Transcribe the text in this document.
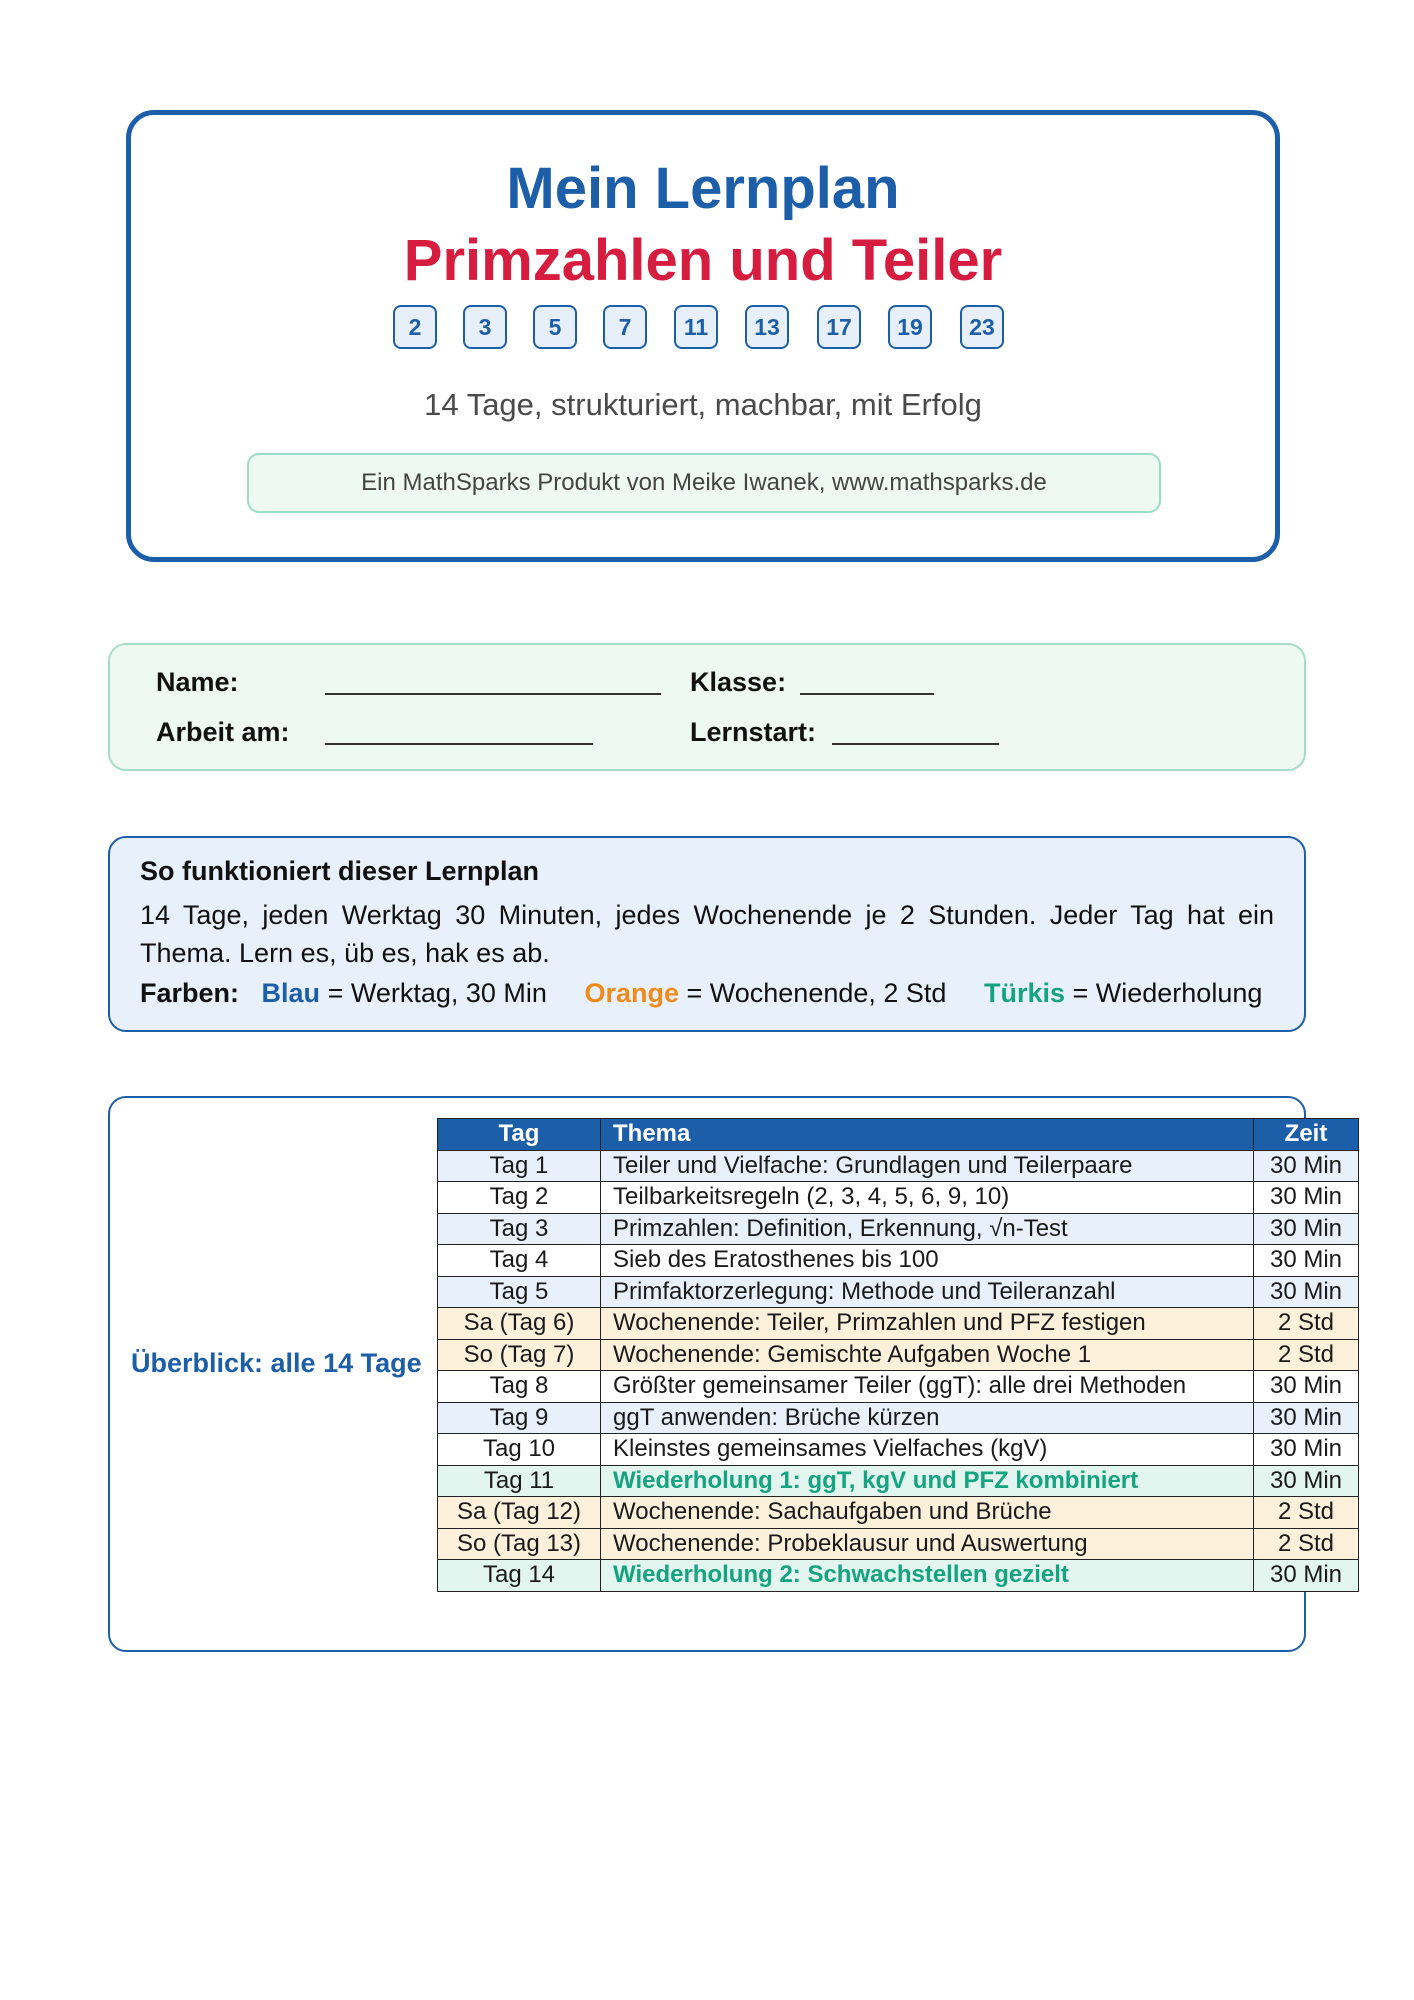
Mein Lernplan
Primzahlen und Teiler
2	3	5	7	11	13	17	19	23
14 Tage, strukturiert, machbar, mit Erfolg
Ein MathSparks Produkt von Meike Iwanek, www.mathsparks.de
Name:	Klasse:
Arbeit am:	Lernstart:
So funktioniert dieser Lernplan
14 Tage, jeden Werktag 30 Minuten, jedes Wochenende je 2 Stunden. Jeder Tag hat ein Thema. Lern es, üb es, hak es ab.
Farben: Blau = Werktag, 30 Min Orange = Wochenende, 2 Std Türkis = Wiederholung
Überblick: alle 14 Tage
Tag	Thema	Zeit
Tag 1	Teiler und Vielfache: Grundlagen und Teilerpaare	30 Min
Tag 2	Teilbarkeitsregeln (2, 3, 4, 5, 6, 9, 10)	30 Min
Tag 3	Primzahlen: Definition, Erkennung, √n-Test	30 Min
Tag 4	Sieb des Eratosthenes bis 100	30 Min
Tag 5	Primfaktorzerlegung: Methode und Teileranzahl	30 Min
Sa (Tag 6)	Wochenende: Teiler, Primzahlen und PFZ festigen	2 Std
So (Tag 7)	Wochenende: Gemischte Aufgaben Woche 1	2 Std
Tag 8	Größter gemeinsamer Teiler (ggT): alle drei Methoden	30 Min
Tag 9	ggT anwenden: Brüche kürzen	30 Min
Tag 10	Kleinstes gemeinsames Vielfaches (kgV)	30 Min
Tag 11	Wiederholung 1: ggT, kgV und PFZ kombiniert	30 Min
Sa (Tag 12)	Wochenende: Sachaufgaben und Brüche	2 Std
So (Tag 13)	Wochenende: Probeklausur und Auswertung	2 Std
Tag 14	Wiederholung 2: Schwachstellen gezielt	30 Min
